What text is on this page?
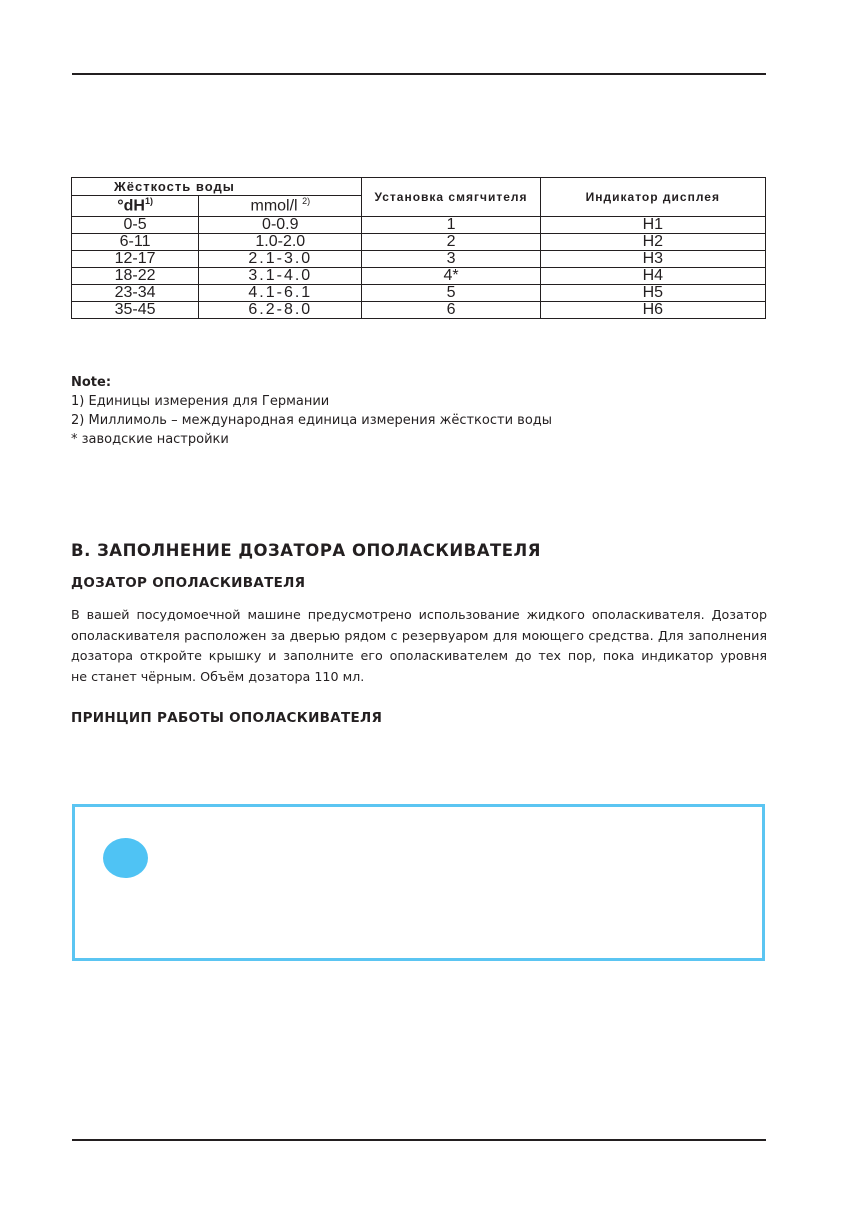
Жёсткость воды		Установка смягчителя	Индикатор дисплея
$^\circ dH^{1)}$	mmol/l $^{2)}$
0-5	0-0.9	1	H1
6-11	1.0-2.0	2	H2
12-17	2.1-3.0	3	H3
18-22	3.1-4.0	4*	H4
23-34	4.1-6.1	5	H5
35-45	6.2-8.0	6	H6
Note:
1) Единицы измерения для Германии
2) Миллимоль – международная единица измерения жёсткости воды
* заводские настройки
B. ЗАПОЛНЕНИЕ ДОЗАТОРА ОПОЛАСКИВАТЕЛЯ
ДОЗАТОР ОПОЛАСКИВАТЕЛЯ
В вашей посудомоечной машине предусмотрено использование жидкого ополаскивателя. Дозатор
ополаскивателя расположен за дверью рядом с резервуаром для моющего средства. Для заполнения
дозатора откройте крышку и заполните его ополаскивателем до тех пор, пока индикатор уровня
не станет чёрным. Объём дозатора 110 мл.
ПРИНЦИП РАБОТЫ ОПОЛАСКИВАТЕЛЯ
